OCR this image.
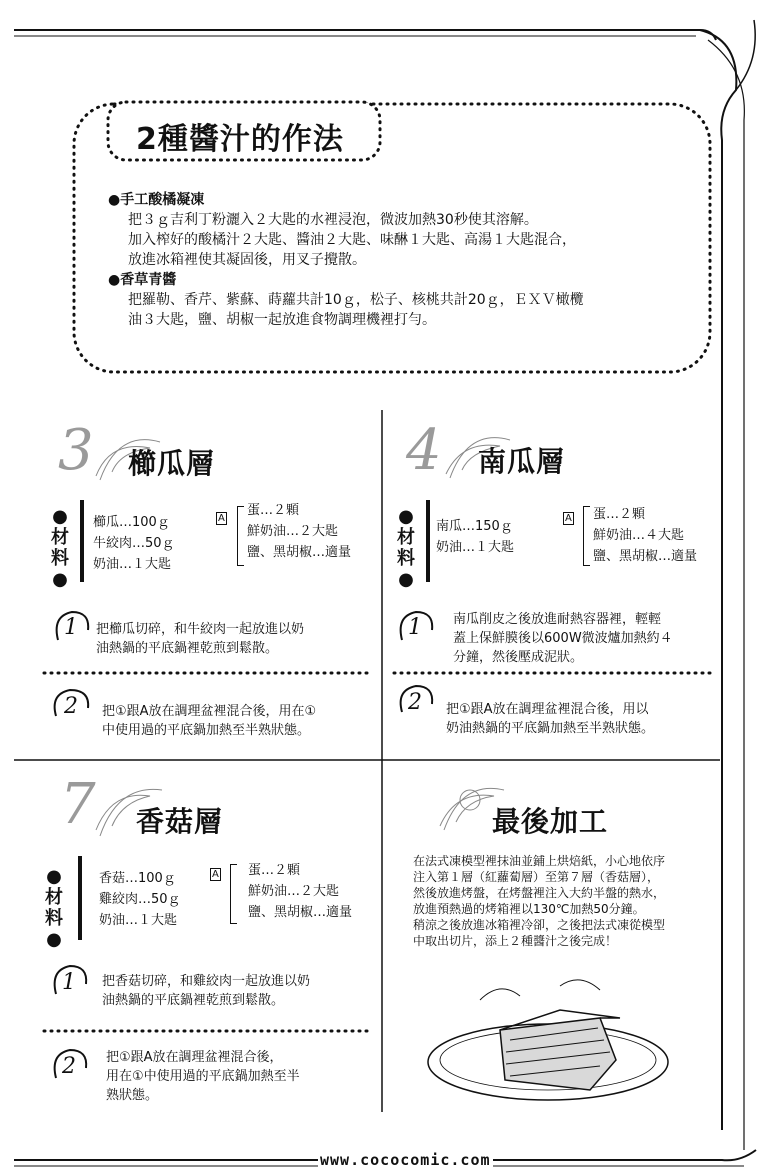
2種醬汁的作法
●手工酸橘凝凍
把３ｇ吉利丁粉灑入２大匙的水裡浸泡，微波加熱30秒使其溶解。
加入榨好的酸橘汁２大匙、醬油２大匙、味醂１大匙、高湯１大匙混合，
放進冰箱裡使其凝固後，用叉子攪散。
●香草青醬
把羅勒、香芹、紫蘇、蒔蘿共計10ｇ，松子、核桃共計20ｇ，ＥＸＶ橄欖
油３大匙，鹽、胡椒一起放進食物調理機裡打勻。
3 櫛瓜層
●材料●
櫛瓜…100ｇ
牛絞肉…50ｇ
奶油…１大匙
A
蛋…２顆
鮮奶油…２大匙
鹽、黑胡椒…適量
1	把櫛瓜切碎，和牛絞肉一起放進以奶
油熱鍋的平底鍋裡乾煎到鬆散。
2	把①跟A放在調理盆裡混合後，用在①
中使用過的平底鍋加熱至半熟狀態。
4 南瓜層
●材料●
南瓜…150ｇ
奶油…１大匙
A 蛋…２顆
鮮奶油…４大匙
鹽、黑胡椒…適量
1	南瓜削皮之後放進耐熱容器裡，輕輕
蓋上保鮮膜後以600W微波爐加熱約４
分鐘，然後壓成泥狀。
2	把①跟A放在調理盆裡混合後，用以
奶油熱鍋的平底鍋加熱至半熟狀態。
7 香菇層
●材料●
香菇…100ｇ
雞絞肉…50ｇ
奶油…１大匙
A 蛋…２顆
鮮奶油…２大匙
鹽、黑胡椒…適量
1	把香菇切碎，和雞絞肉一起放進以奶
油熱鍋的平底鍋裡乾煎到鬆散。
2	把①跟A放在調理盆裡混合後，
用在①中使用過的平底鍋加熱至半
熟狀態。
最後加工
在法式凍模型裡抹油並鋪上烘焙紙，小心地依序
注入第１層（紅蘿蔔層）至第７層（香菇層），
然後放進烤盤，在烤盤裡注入大約半盤的熱水，
放進預熱過的烤箱裡以130℃加熱50分鐘。
稍涼之後放進冰箱裡冷卻，之後把法式凍從模型
中取出切片，添上２種醬汁之後完成！
www.cococomic.com
